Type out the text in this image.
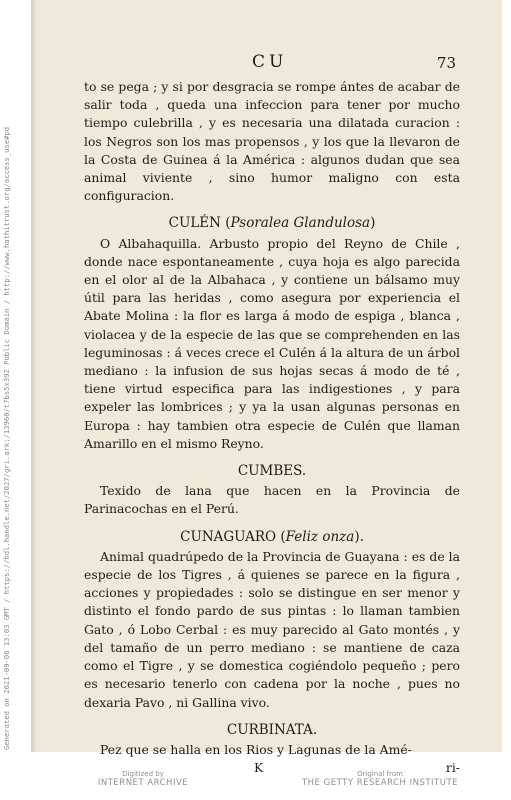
Generated on 2021-09-06 13:03 GMT / https://hdl.handle.net/2027/gri.ark:/13960/t7bs5x392 Public Domain / http://www.hathitrust.org/access_use#pd
CU	73

to se pega ; y si por desgracia se rompe ántes de acabar de salir toda , queda una infeccion para tener por mucho tiempo culebrilla , y es necesaria una dilatada curacion : los Negros son los mas propensos , y los que la llevaron de la Costa de Guinea á la América : algunos dudan que sea animal viviente , sino humor maligno con esta configuracion.

CULÉN (Psoralea Glandulosa)

O Albahaquilla. Arbusto propio del Reyno de Chile , donde nace espontaneamente , cuya hoja es algo parecida en el olor al de la Albahaca , y contiene un bálsamo muy útil para las heridas , como asegura por experiencia el Abate Molina : la flor es larga á modo de espiga , blanca , violacea y de la especie de las que se comprehenden en las leguminosas : á veces crece el Culén á la altura de un árbol mediano : la infusion de sus hojas secas á modo de té , tiene virtud especifica para las indigestiones , y para expeler las lombrices ; y ya la usan algunas personas en Europa : hay tambien otra especie de Culén que llaman Amarillo en el mismo Reyno.

CUMBES.

Texido de lana que hacen en la Provincia de Parinacochas en el Perú.

CUNAGUARO (Feliz onza).

Animal quadrúpedo de la Provincia de Guayana : es de la especie de los Tigres , á quienes se parece en la figura , acciones y propiedades : solo se distingue en ser menor y distinto el fondo pardo de sus pintas : lo llaman tambien Gato , ó Lobo Cerbal : es muy parecido al Gato montés , y del tamaño de un perro mediano : se mantiene de caza como el Tigre , y se domestica cogiéndolo pequeño ; pero es necesario tenerlo con cadena por la noche , pues no dexaria Pavo , ni Gallina vivo.

CURBINATA.

Pez que se halla en los Rios y Lagunas de la Amé-

K	ri-
Digitized by
INTERNET ARCHIVE
Original from
THE GETTY RESEARCH INSTITUTE
